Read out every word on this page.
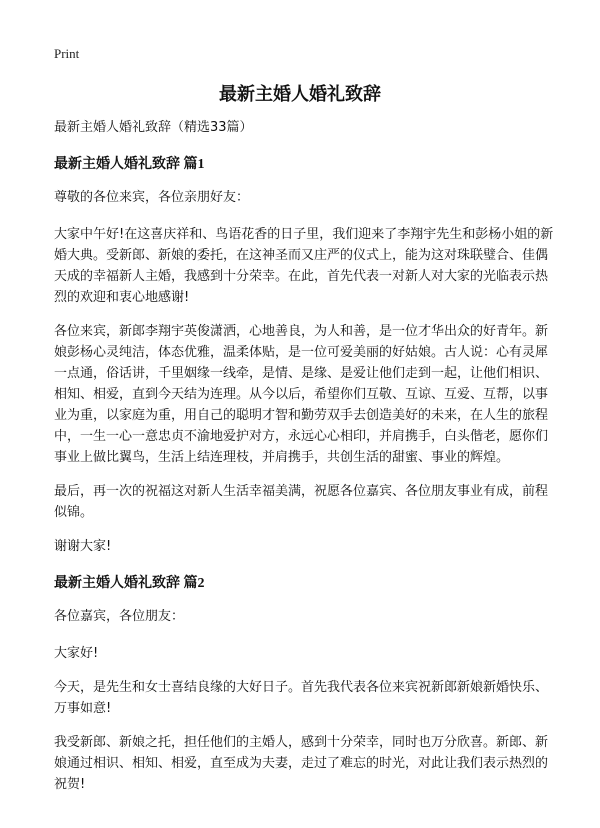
Print
最新主婚人婚礼致辞

最新主婚人婚礼致辞（精选33篇）

最新主婚人婚礼致辞 篇1

尊敬的各位来宾，各位亲朋好友：

大家中午好!在这喜庆祥和、鸟语花香的日子里，我们迎来了李翔宇先生和彭杨小姐的新婚大典。受新郎、新娘的委托，在这神圣而又庄严的仪式上，能为这对珠联璧合、佳偶天成的幸福新人主婚，我感到十分荣幸。在此，首先代表一对新人对大家的光临表示热烈的欢迎和衷心地感谢!

各位来宾，新郎李翔宇英俊潇洒，心地善良，为人和善，是一位才华出众的好青年。新娘彭杨心灵纯洁，体态优雅，温柔体贴，是一位可爱美丽的好姑娘。古人说：心有灵犀一点通，俗话讲，千里姻缘一线牵，是情、是缘、是爱让他们走到一起，让他们相识、相知、相爱，直到今天结为连理。从今以后，希望你们互敬、互谅、互爱、互帮，以事业为重，以家庭为重，用自己的聪明才智和勤劳双手去创造美好的未来，在人生的旅程中，一生一心一意忠贞不渝地爱护对方，永远心心相印，并肩携手，白头偕老，愿你们事业上做比翼鸟，生活上结连理枝，并肩携手，共创生活的甜蜜、事业的辉煌。

最后，再一次的祝福这对新人生活幸福美满，祝愿各位嘉宾、各位朋友事业有成，前程似锦。

谢谢大家!

最新主婚人婚礼致辞 篇2

各位嘉宾，各位朋友：

大家好!

今天，是先生和女士喜结良缘的大好日子。首先我代表各位来宾祝新郎新娘新婚快乐、万事如意!

我受新郎、新娘之托，担任他们的主婚人，感到十分荣幸，同时也万分欣喜。新郎、新娘通过相识、相知、相爱，直至成为夫妻，走过了难忘的时光，对此让我们表示热烈的祝贺!
